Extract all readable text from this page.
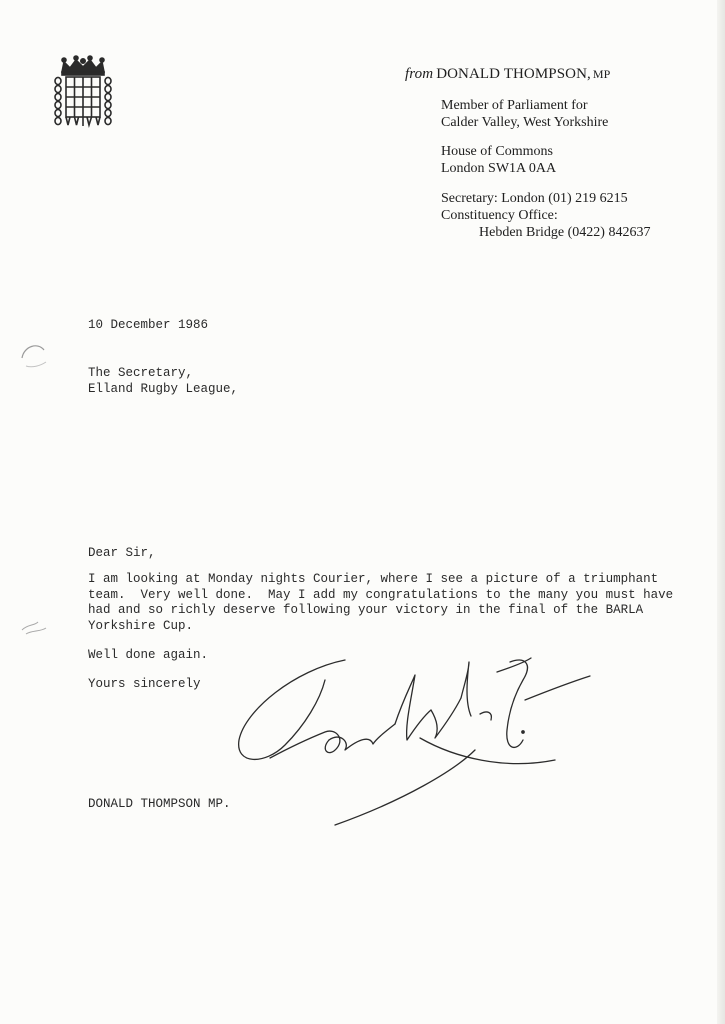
from DONALD THOMPSON, MP
Member of Parliament for
Calder Valley, West Yorkshire
House of Commons
London SW1A 0AA
Secretary: London (01) 219 6215
Constituency Office:
Hebden Bridge (0422) 842637
10 December 1986
The Secretary,
Elland Rugby League,
Dear Sir,
I am looking at Monday nights Courier, where I see a picture of a triumphant
team.  Very well done.  May I add my congratulations to the many you must have
had and so richly deserve following your victory in the final of the BARLA
Yorkshire Cup.
Well done again.
Yours sincerely
DONALD THOMPSON MP.
